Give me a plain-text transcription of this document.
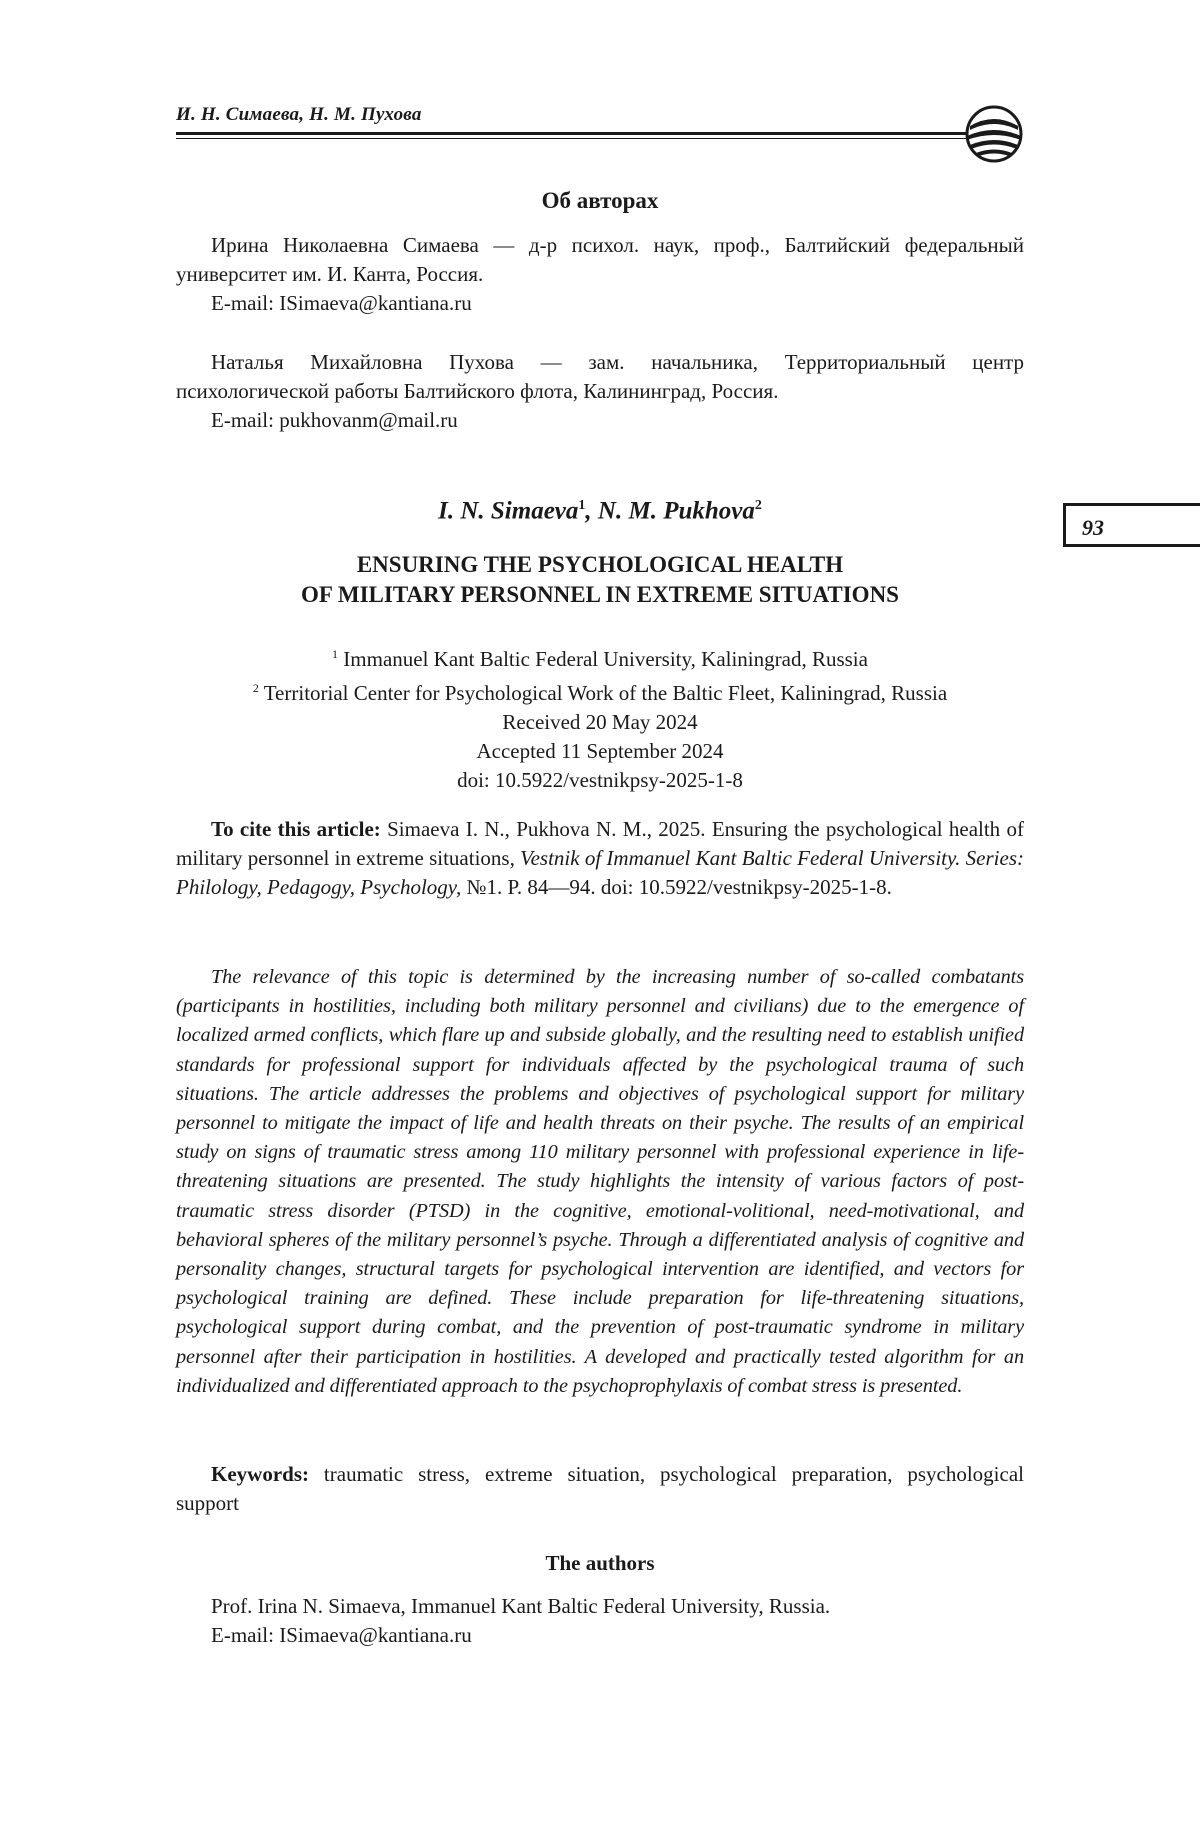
И. Н. Симаева, Н. М. Пухова
93
Об авторах

Ирина Николаевна Симаева — д-р психол. наук, проф., Балтийский федеральный университет им. И. Канта, Россия.

E-mail: ISimaeva@kantiana.ru

Наталья Михайловна Пухова — зам. начальника, Территориальный центр психологической работы Балтийского флота, Калининград, Россия.

E-mail: pukhovanm@mail.ru

I. N. Simaeva$^1$, N. M. Pukhova$^2$

ENSURING THE PSYCHOLOGICAL HEALTH

OF MILITARY PERSONNEL IN EXTREME SITUATIONS

$^1$ Immanuel Kant Baltic Federal University, Kaliningrad, Russia

$^2$ Territorial Center for Psychological Work of the Baltic Fleet, Kaliningrad, Russia

Received 20 May 2024

Accepted 11 September 2024

doi: 10.5922/vestnikpsy-2025-1-8

To cite this article: Simaeva I. N., Pukhova N. M., 2025. Ensuring the psychological health of military personnel in extreme situations, Vestnik of Immanuel Kant Baltic Federal University. Series: Philology, Pedagogy, Psychology, №1. P. 84—94. doi: 10.5922/vestnikpsy-2025-1-8.
The relevance of this topic is determined by the increasing number of so-called combatants (participants in hostilities, including both military personnel and civilians) due to the emergence of localized armed conflicts, which flare up and subside globally, and the resulting need to establish unified standards for professional support for individuals affected by the psychological trauma of such situations. The article addresses the problems and objectives of psychological support for military personnel to mitigate the impact of life and health threats on their psyche. The results of an empirical study on signs of traumatic stress among 110 military personnel with professional experience in life-threatening situations are presented. The study highlights the intensity of various factors of post-traumatic stress disorder (PTSD) in the cognitive, emotional-volitional, need-motivational, and behavioral spheres of the military personnel’s psyche. Through a differentiated analysis of cognitive and personality changes, structural targets for psychological intervention are identified, and vectors for psychological training are defined. These include preparation for life-threatening situations, psychological support during combat, and the prevention of post-traumatic syndrome in military personnel after their participation in hostilities. A developed and practically tested algorithm for an individualized and differentiated approach to the psychoprophylaxis of combat stress is presented.
Keywords: traumatic stress, extreme situation, psychological preparation, psychological support
The authors

Prof. Irina N. Simaeva, Immanuel Kant Baltic Federal University, Russia.

E-mail: ISimaeva@kantiana.ru
